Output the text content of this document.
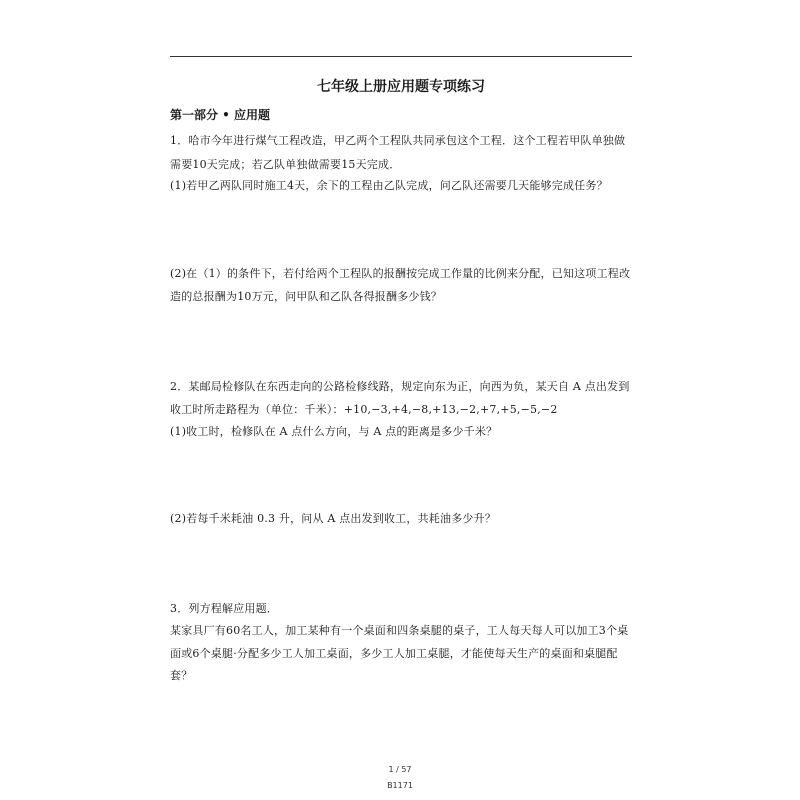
七年级上册应用题专项练习
第一部分 • 应用题
1．哈市今年进行煤气工程改造，甲乙两个工程队共同承包这个工程．这个工程若甲队单独做
需要10天完成；若乙队单独做需要15天完成．
(1)若甲乙两队同时施工4天，余下的工程由乙队完成，问乙队还需要几天能够完成任务？
(2)在（1）的条件下，若付给两个工程队的报酬按完成工作量的比例来分配，已知这项工程改
造的总报酬为10万元，问甲队和乙队各得报酬多少钱？
2．某邮局检修队在东西走向的公路检修线路，规定向东为正，向西为负，某天自 A 点出发到
收工时所走路程为（单位：千米）：+10,−3,+4,−8,+13,−2,+7,+5,−5,−2
(1)收工时，检修队在 A 点什么方向，与 A 点的距离是多少千米？
(2)若每千米耗油 0.3 升，问从 A 点出发到收工，共耗油多少升？
3．列方程解应用题．
某家具厂有60名工人，加工某种有一个桌面和四条桌腿的桌子，工人每天每人可以加工3个桌
面或6个桌腿·分配多少工人加工桌面，多少工人加工桌腿，才能使每天生产的桌面和桌腿配
套？
1 / 57
B1171
